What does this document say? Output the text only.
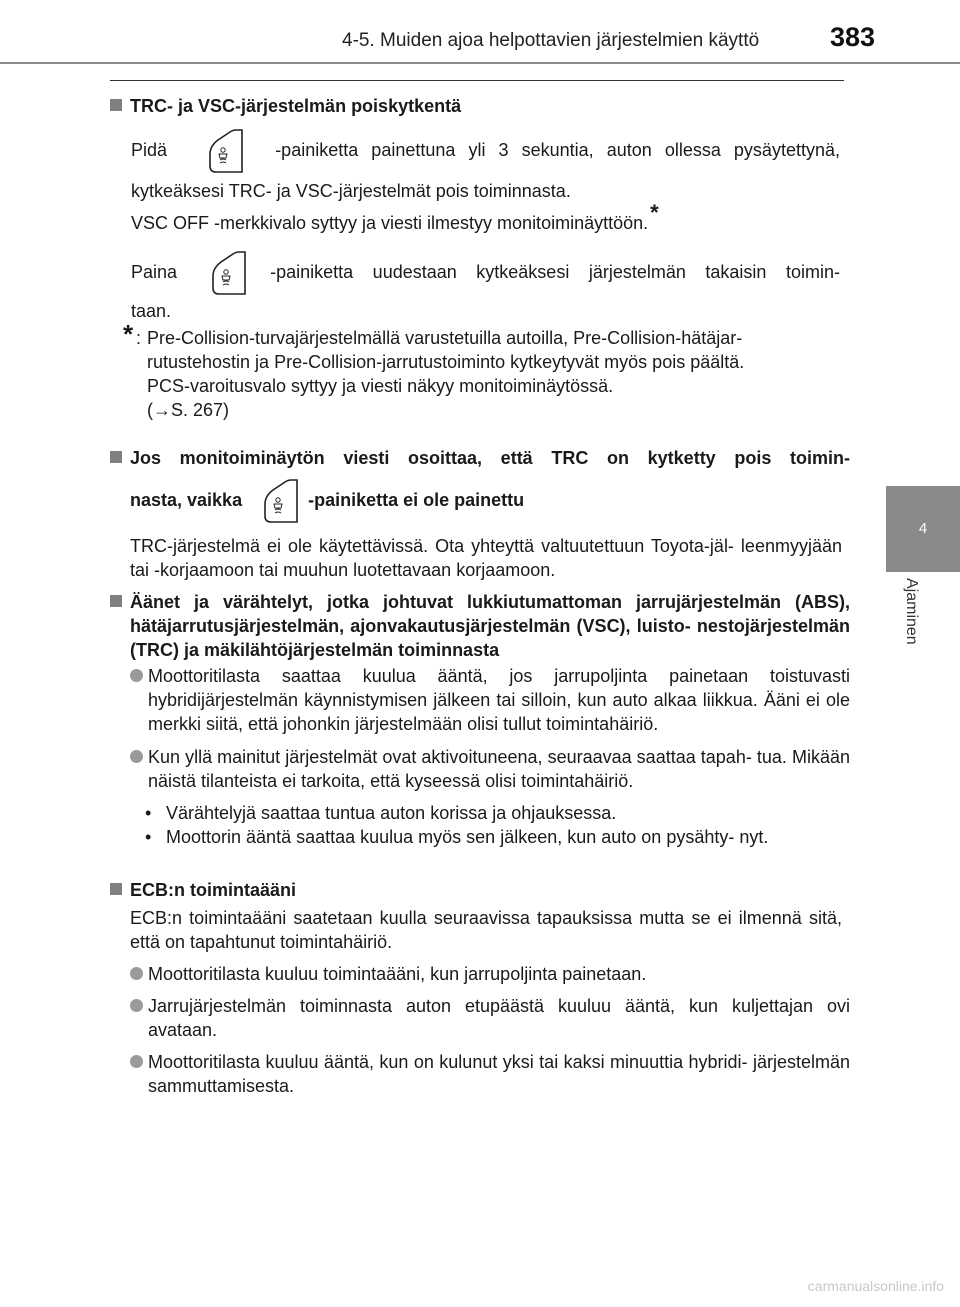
4-5. Muiden ajoa helpottavien järjestelmien käyttö	383
4
Ajaminen
TRC- ja VSC-järjestelmän poiskytkentä
Pidä	-painiketta painettuna yli 3 sekuntia, auton ollessa pysäytettynä,
kytkeäksesi TRC- ja VSC-järjestelmät pois toiminnasta.
VSC OFF -merkkivalo syttyy ja viesti ilmestyy monitoiminäyttöön.*
Paina	-painiketta uudestaan kytkeäksesi järjestelmän takaisin toimin-
taan.
* : Pre-Collision-turvajärjestelmällä varustetuilla autoilla, Pre-Collision-hätäjar-
rutustehostin ja Pre-Collision-jarrutustoiminto kytkeytyvät myös pois päältä.
PCS-varoitusvalo syttyy ja viesti näkyy monitoiminäytössä.
(→S. 267)
Jos monitoiminäytön viesti osoittaa, että TRC on kytketty pois toimin-
nasta, vaikka	-painiketta ei ole painettu
TRC-järjestelmä ei ole käytettävissä. Ota yhteyttä valtuutettuun Toyota-jäl- leenmyyjään tai -korjaamoon tai muuhun luotettavaan korjaamoon.
Äänet ja värähtelyt, jotka johtuvat lukkiutumattoman jarrujärjestelmän (ABS), hätäjarrutusjärjestelmän, ajonvakautusjärjestelmän (VSC), luisto- nestojärjestelmän (TRC) ja mäkilähtöjärjestelmän toiminnasta
Moottoritilasta saattaa kuulua ääntä, jos jarrupoljinta painetaan toistuvasti hybridijärjestelmän käynnistymisen jälkeen tai silloin, kun auto alkaa liikkua. Ääni ei ole merkki siitä, että johonkin järjestelmään olisi tullut toimintahäiriö.
Kun yllä mainitut järjestelmät ovat aktivoituneena, seuraavaa saattaa tapah- tua. Mikään näistä tilanteista ei tarkoita, että kyseessä olisi toimintahäiriö.
• Värähtelyjä saattaa tuntua auton korissa ja ohjauksessa.
• Moottorin ääntä saattaa kuulua myös sen jälkeen, kun auto on pysähty- nyt.
ECB:n toimintaääni
ECB:n toimintaääni saatetaan kuulla seuraavissa tapauksissa mutta se ei ilmennä sitä, että on tapahtunut toimintahäiriö.
Moottoritilasta kuuluu toimintaääni, kun jarrupoljinta painetaan.
Jarrujärjestelmän toiminnasta auton etupäästä kuuluu ääntä, kun kuljettajan ovi avataan.
Moottoritilasta kuuluu ääntä, kun on kulunut yksi tai kaksi minuuttia hybridi- järjestelmän sammuttamisesta.
carmanualsonline.info
